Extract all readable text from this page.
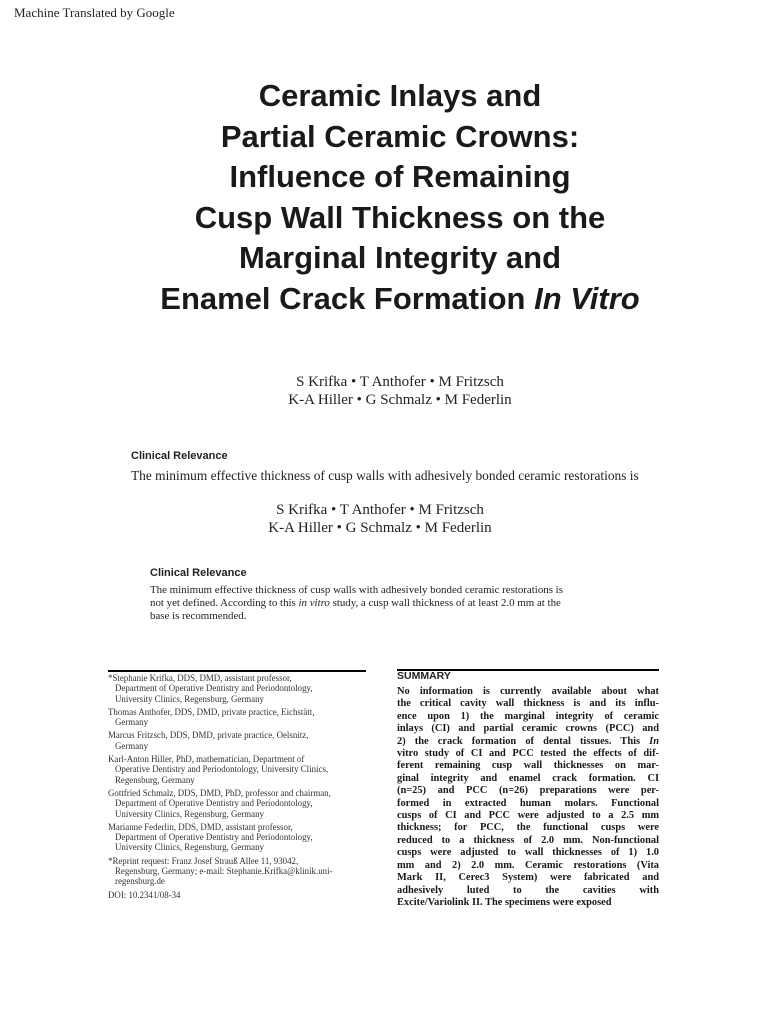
Machine Translated by Google
Ceramic Inlays and
Partial Ceramic Crowns:
Influence of Remaining
Cusp Wall Thickness on the
Marginal Integrity and
Enamel Crack Formation In Vitro
S Krifka • T Anthofer • M Fritzsch
K-A Hiller • G Schmalz • M Federlin
Clinical Relevance
The minimum effective thickness of cusp walls with adhesively bonded ceramic restorations is
S Krifka • T Anthofer • M Fritzsch
K-A Hiller • G Schmalz • M Federlin
Clinical Relevance
The minimum effective thickness of cusp walls with adhesively bonded ceramic restorations is
not yet defined. According to this in vitro study, a cusp wall thickness of at least 2.0 mm at the
base is recommended.
*Stephanie Krifka, DDS, DMD, assistant professor,
Department of Operative Dentistry and Periodontology,
University Clinics, Regensburg, Germany
Thomas Anthofer, DDS, DMD, private practice, Eichstätt,
Germany
Marcus Fritzsch, DDS, DMD, private practice, Oelsnitz,
Germany
Karl-Anton Hiller, PhD, mathematician, Department of
Operative Dentistry and Periodontology, University Clinics,
Regensburg, Germany
Gottfried Schmalz, DDS, DMD, PhD, professor and chairman,
Department of Operative Dentistry and Periodontology,
University Clinics, Regensburg, Germany
Marianne Federlin, DDS, DMD, assistant professor,
Department of Operative Dentistry and Periodontology,
University Clinics, Regensburg, Germany
*Reprint request: Franz Josef Strauß Allee 11, 93042,
Regensburg, Germany; e-mail: Stephanie.Krifka@klinik.uni-
regensburg.de
DOI: 10.2341/08-34
SUMMARY
No information is currently available about what
the critical cavity wall thickness is and its influ-
ence upon 1) the marginal integrity of ceramic
inlays (CI) and partial ceramic crowns (PCC) and
2) the crack formation of dental tissues. This In
vitro study of CI and PCC tested the effects of dif-
ferent remaining cusp wall thicknesses on mar-
ginal integrity and enamel crack formation. CI
(n=25) and PCC (n=26) preparations were per-
formed in extracted human molars. Functional
cusps of CI and PCC were adjusted to a 2.5 mm
thickness; for PCC, the functional cusps were
reduced to a thickness of 2.0 mm. Non-functional
cusps were adjusted to wall thicknesses of 1) 1.0
mm and 2) 2.0 mm. Ceramic restorations (Vita
Mark II, Cerec3 System) were fabricated and
adhesively luted to the cavities with
Excite/Variolink II. The specimens were exposed
